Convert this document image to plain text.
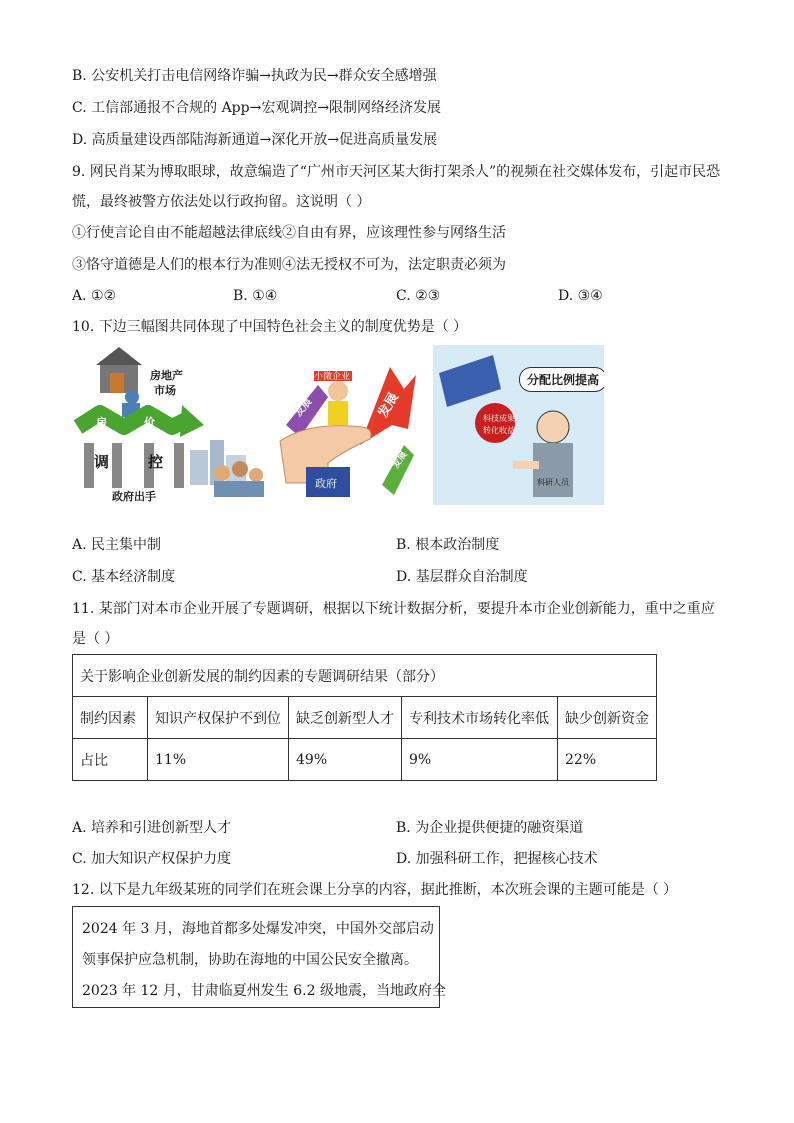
B. 公安机关打击电信网络诈骗→执政为民→群众安全感增强
C. 工信部通报不合规的 App→宏观调控→限制网络经济发展
D. 高质量建设西部陆海新通道→深化开放→促进高质量发展
9. 网民肖某为博取眼球，故意编造了“广州市天河区某大街打架杀人”的视频在社交媒体发布，引起市民恐
慌，最终被警方依法处以行政拘留。这说明（ ）
①行使言论自由不能超越法律底线②自由有界，应该理性参与网络生活
③恪守道德是人们的根本行为准则④法无授权不可为，法定职责必须为
A. ①②	B. ①④	C. ②③	D. ③④
10. 下边三幅图共同体现了中国特色社会主义的制度优势是（ ）
房地产
市场
房	价
调	控
政府出手
小微企业
发展	发展
发展
政府
分配比例提高
科技成果
转化收益
科研人员
A. 民主集中制	B. 根本政治制度
C. 基本经济制度	D. 基层群众自治制度
11. 某部门对本市企业开展了专题调研，根据以下统计数据分析，要提升本市企业创新能力，重中之重应
是（ ）
关于影响企业创新发展的制约因素的专题调研结果（部分）				
制约因素	知识产权保护不到位	缺乏创新型人才	专利技术市场转化率低	缺少创新资金
占比	11%	49%	9%	22%
A. 培养和引进创新型人才	B. 为企业提供便捷的融资渠道
C. 加大知识产权保护力度	D. 加强科研工作，把握核心技术
12. 以下是九年级某班的同学们在班会课上分享的内容，据此推断，本次班会课的主题可能是（ ）
2024 年 3 月，海地首都多处爆发冲突，中国外交部启动
领事保护应急机制，协助在海地的中国公民安全撤离。
2023 年 12 月，甘肃临夏州发生 6.2 级地震，当地政府全
